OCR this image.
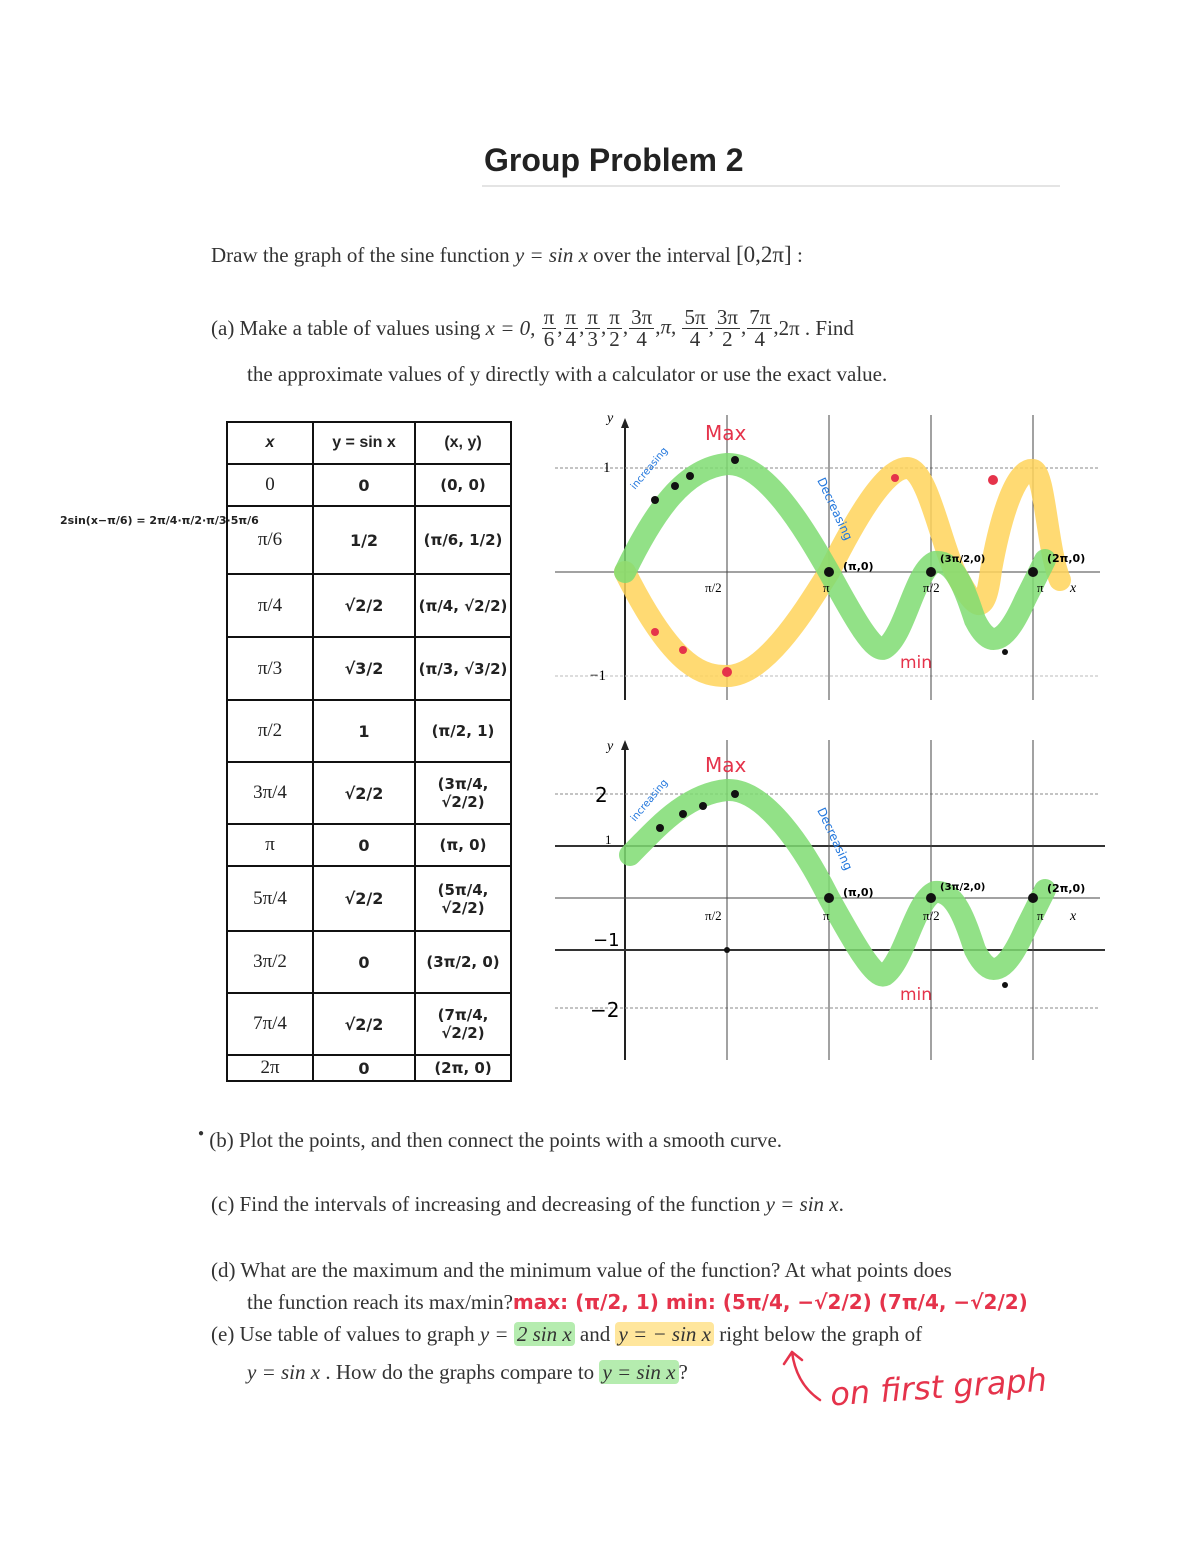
Group Problem 2
Draw the graph of the sine function y = sin x over the interval [0,2π] :
(a) Make a table of values using
x = 0,
$\frac{\pi}{6}$ , $\frac{\pi}{4}$ , $\frac{\pi}{3}$ , $\frac{\pi}{2}$ , $\frac{3\pi}{4} ,\pi$, $\frac{5\pi}{4}$ , $\frac{3\pi}{2}$ , $\frac{7\pi}{4}$ , 2π . Find
the approximate values of y directly with a calculator or use the exact value.
2sin(x−π/6) = 2π/4·π/2·π/3·5π/6
x	y = sin x	(x, y)
0	0	(0, 0)
π/6	1/2	(π/6, 1/2)
π/4	√2/2	(π/4, √2/2)
π/3	√3/2	(π/3, √3/2)
π/2	1	(π/2, 1)
3π/4	√2/2	(3π/4, √2/2)
π	0	(π, 0)
5π/4	√2/2	(5π/4, √2/2)
3π/2	0	(3π/2, 0)
7π/4	√2/2	(7π/4, √2/2)
2π	0	(2π, 0)
y
1
−1
x
π/2	π	π/2	π
Max
min
increasing
Decreasing
(π,0)
(3π/2,0)	(2π,0)
y
2
1
−1
−2
x
π/2	π	π/2	π
Max
min
increasing
Decreasing
(π,0)	(3π/2,0)	(2π,0)
● (b) Plot the points, and then connect the points with a smooth curve.
(c) Find the intervals of increasing and decreasing of the function y = sin x.
(d) What are the maximum and the minimum value of the function? At what points does
the function reach its max/min?max: (π/2, 1) min: (5π/4, −√2/2) (7π/4, −√2/2)
(e) Use table of values to graph y = 2 sin x and y = − sin x right below the graph of
y = sin x . How do the graphs compare to y = sin x ?	on first graph
